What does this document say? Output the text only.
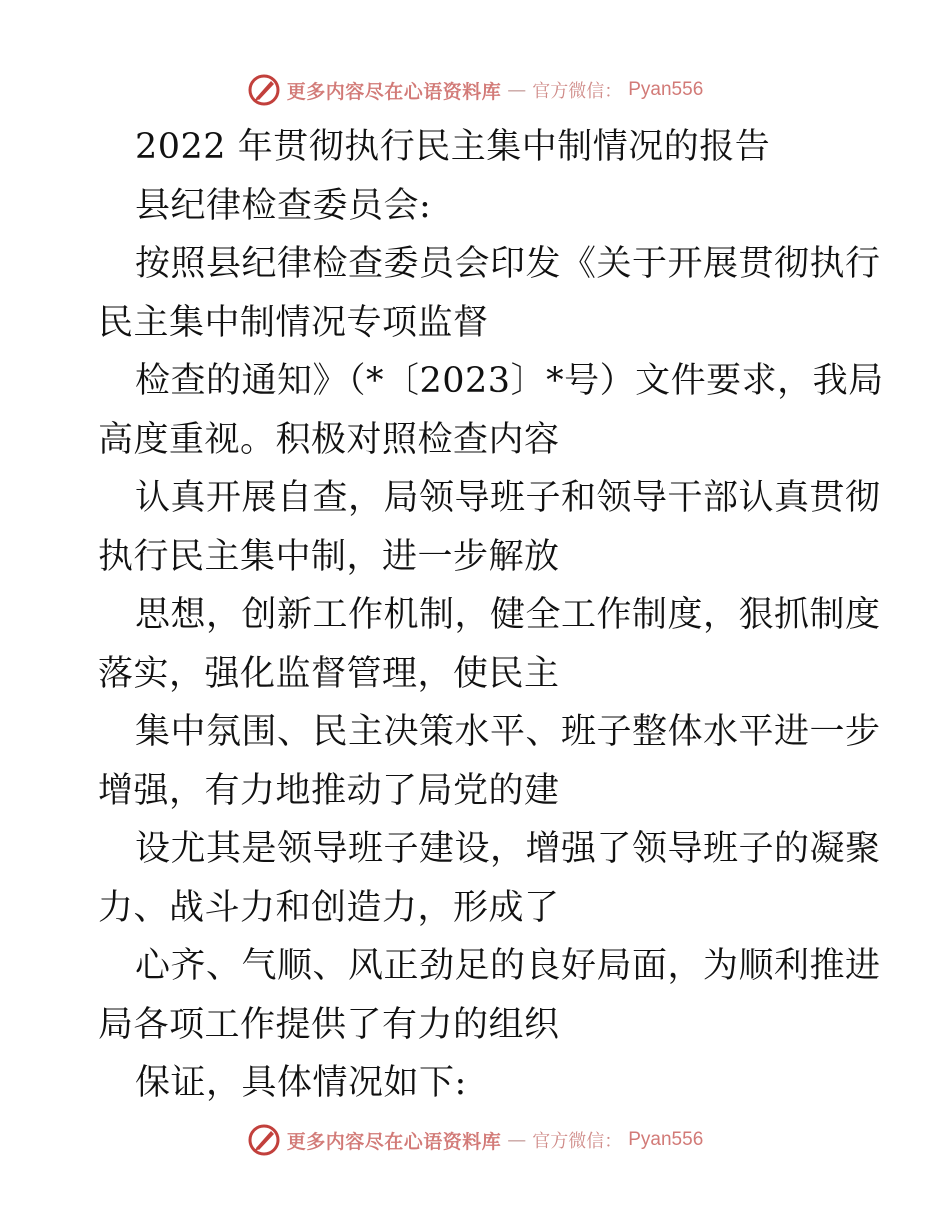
更多内容尽在心语资料库 — 官方微信： Pyan556
2022 年贯彻执行民主集中制情况的报告
县纪律检查委员会:
按照县纪律检查委员会印发《关于开展贯彻执行
民主集中制情况专项监督
检查的通知》（*〔2023〕*号）文件要求，我局
高度重视。积极对照检查内容
认真开展自查，局领导班子和领导干部认真贯彻
执行民主集中制，进一步解放
思想，创新工作机制，健全工作制度，狠抓制度
落实，强化监督管理，使民主
集中氛围、民主决策水平、班子整体水平进一步
增强，有力地推动了局党的建
设尤其是领导班子建设，增强了领导班子的凝聚
力、战斗力和创造力，形成了
心齐、气顺、风正劲足的良好局面，为顺利推进
局各项工作提供了有力的组织
保证，具体情况如下:
更多内容尽在心语资料库 — 官方微信： Pyan556
